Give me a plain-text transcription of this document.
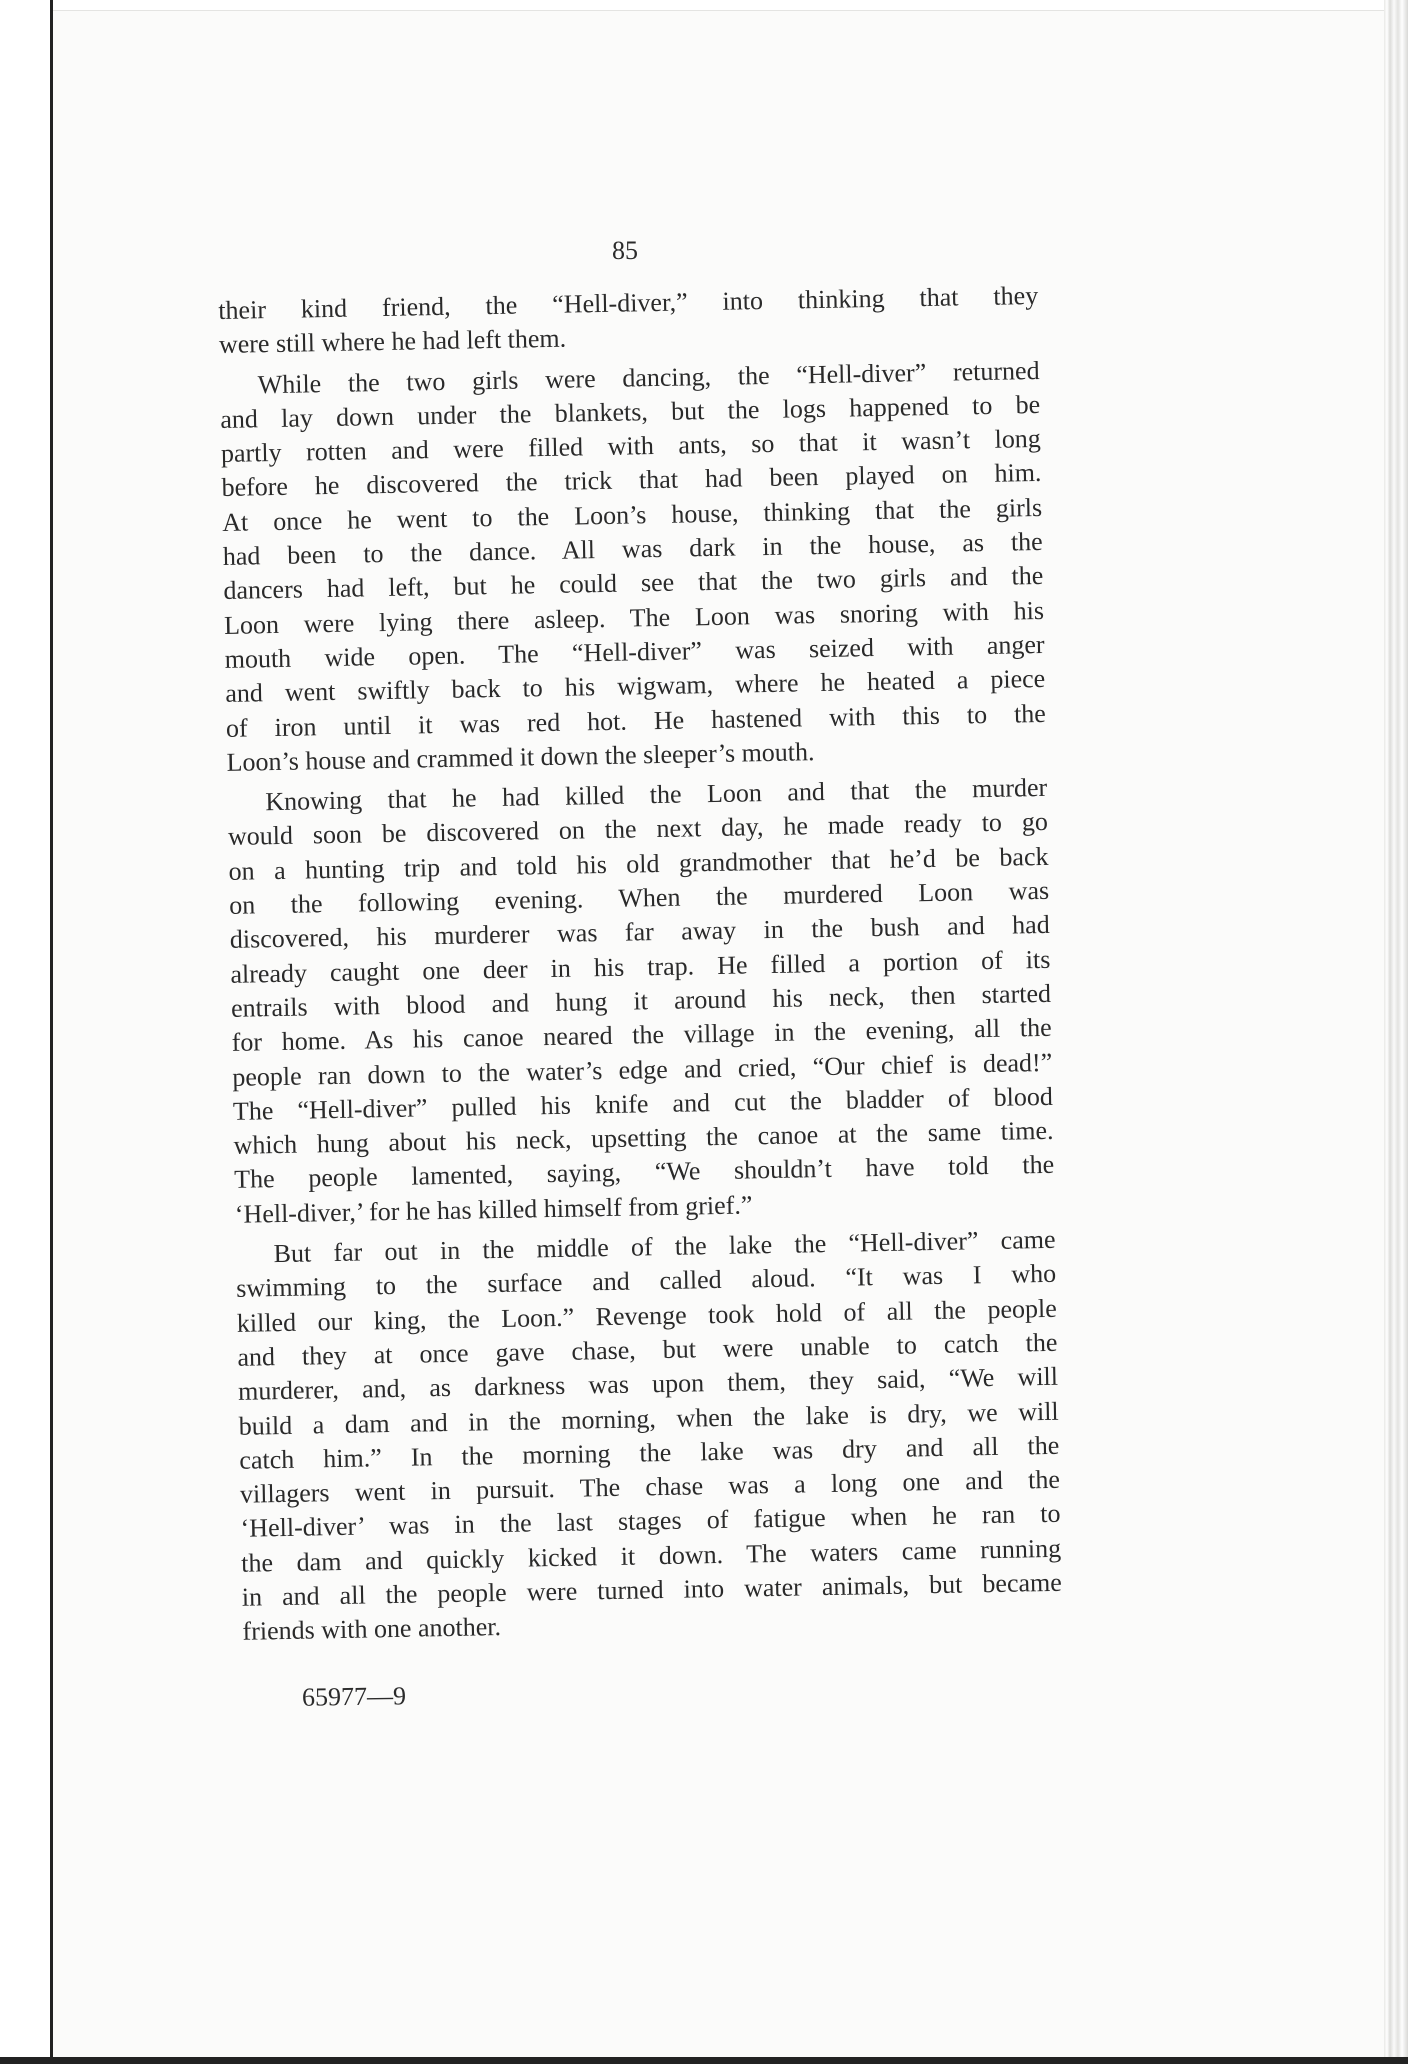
85
their kind friend, the “Hell-diver,” into thinking that they
were still where he had left them.
While the two girls were dancing, the “Hell-diver” returned
and lay down under the blankets, but the logs happened to be
partly rotten and were filled with ants, so that it wasn’t long
before he discovered the trick that had been played on him.
At once he went to the Loon’s house, thinking that the girls
had been to the dance. All was dark in the house, as the
dancers had left, but he could see that the two girls and the
Loon were lying there asleep. The Loon was snoring with his
mouth wide open. The “Hell-diver” was seized with anger
and went swiftly back to his wigwam, where he heated a piece
of iron until it was red hot. He hastened with this to the
Loon’s house and crammed it down the sleeper’s mouth.
Knowing that he had killed the Loon and that the murder
would soon be discovered on the next day, he made ready to go
on a hunting trip and told his old grandmother that he’d be back
on the following evening. When the murdered Loon was
discovered, his murderer was far away in the bush and had
already caught one deer in his trap. He filled a portion of its
entrails with blood and hung it around his neck, then started
for home. As his canoe neared the village in the evening, all the
people ran down to the water’s edge and cried, “Our chief is dead!”
The “Hell-diver” pulled his knife and cut the bladder of blood
which hung about his neck, upsetting the canoe at the same time.
The people lamented, saying, “We shouldn’t have told the
‘Hell-diver,’ for he has killed himself from grief.”
But far out in the middle of the lake the “Hell-diver” came
swimming to the surface and called aloud. “It was I who
killed our king, the Loon.” Revenge took hold of all the people
and they at once gave chase, but were unable to catch the
murderer, and, as darkness was upon them, they said, “We will
build a dam and in the morning, when the lake is dry, we will
catch him.” In the morning the lake was dry and all the
villagers went in pursuit. The chase was a long one and the
‘Hell-diver’ was in the last stages of fatigue when he ran to
the dam and quickly kicked it down. The waters came running
in and all the people were turned into water animals, but became
friends with one another.
65977—9
